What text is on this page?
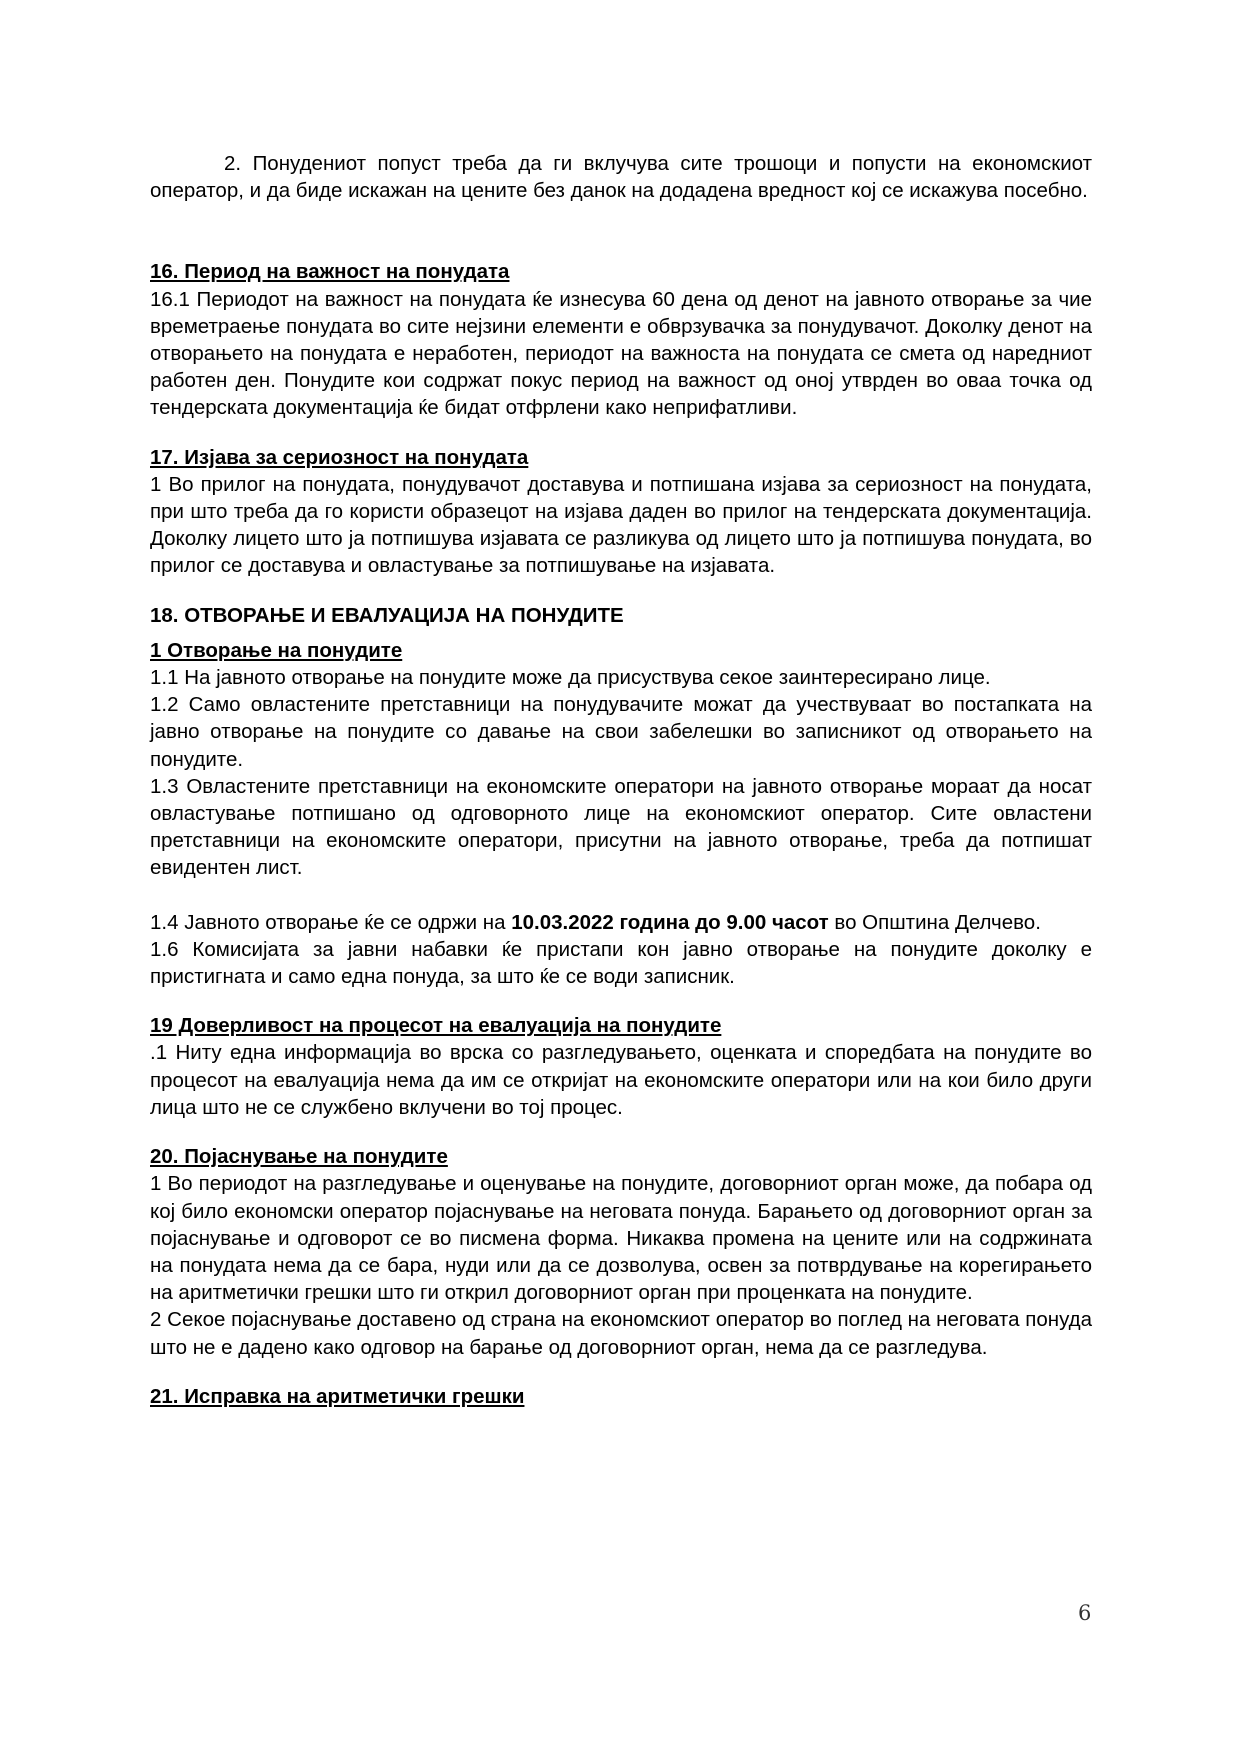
2. Понудениот попуст треба да ги вклучува сите трошоци и попусти на економскиот оператор, и да биде искажан на цените без данок на додадена вредност кој се искажува посебно.

16. Период на важност на понудата

16.1 Периодот на важност на понудата ќе изнесува 60 дена од денот на јавното отворање за чие времетраење понудата во сите нејзини елементи е обврзувачка за понудувачот. Доколку денот на отворањето на понудата е неработен, периодот на важноста на понудата се смета од наредниот работен ден. Понудите кои содржат покус период на важност од оној утврден во оваа точка од тендерската документација ќе бидат отфрлени како неприфатливи.

17. Изјава за сериозност на понудата

1 Во прилог на понудата, понудувачот доставува и потпишана изјава за сериозност на понудата, при што треба да го користи образецот на изјава даден во прилог на тендерската документација. Доколку лицето што ја потпишува изјавата се разликува од лицето што ја потпишува понудата, во прилог се доставува и овластување за потпишување на изјавата.

18. ОТВОРАЊЕ И ЕВАЛУАЦИЈА НА ПОНУДИТЕ
1 Отворање на понудите

1.1 На јавното отворање на понудите може да присуствува секое заинтересирано лице.

1.2 Само овластените претставници на понудувачите можат да учествуваат во постапката на јавно отворање на понудите со давање на свои забелешки во записникот од отворањето на понудите.

1.3 Овластените претставници на економските оператори на јавното отворање мораат да носат овластување потпишано од одговорното лице на економскиот оператор. Сите овластени претставници на економските оператори, присутни на јавното отворање, треба да потпишат евидентен лист.

1.4 Јавното отворање ќе се одржи на 10.03.2022 година до 9.00 часот во Општина Делчево.

1.6 Комисијата за јавни набавки ќе пристапи кон јавно отворање на понудите доколку е пристигната и само една понуда, за што ќе се води записник.

19 Доверливост на процесот на евалуација на понудите

.1 Ниту една информација во врска со разгледувањето, оценката и споредбата на понудите во процесот на евалуација нема да им се откријат на економските оператори или на кои било други лица што не се службено вклучени во тој процес.

20. Појаснување на понудите

1 Во периодот на разгледување и оценување на понудите, договорниот орган може, да побара од кој било економски оператор појаснување на неговата понуда. Барањето од договорниот орган за појаснување и одговорот се во писмена форма. Никаква промена на цените или на содржината на понудата нема да се бара, нуди или да се дозволува, освен за потврдување на корегирањето на аритметички грешки што ги открил договорниот орган при проценката на понудите.

2 Секое појаснување доставено од страна на економскиот оператор во поглед на неговата понуда што не е дадено како одговор на барање од договорниот орган, нема да се разгледува.

21. Исправка на аритметички грешки
6
